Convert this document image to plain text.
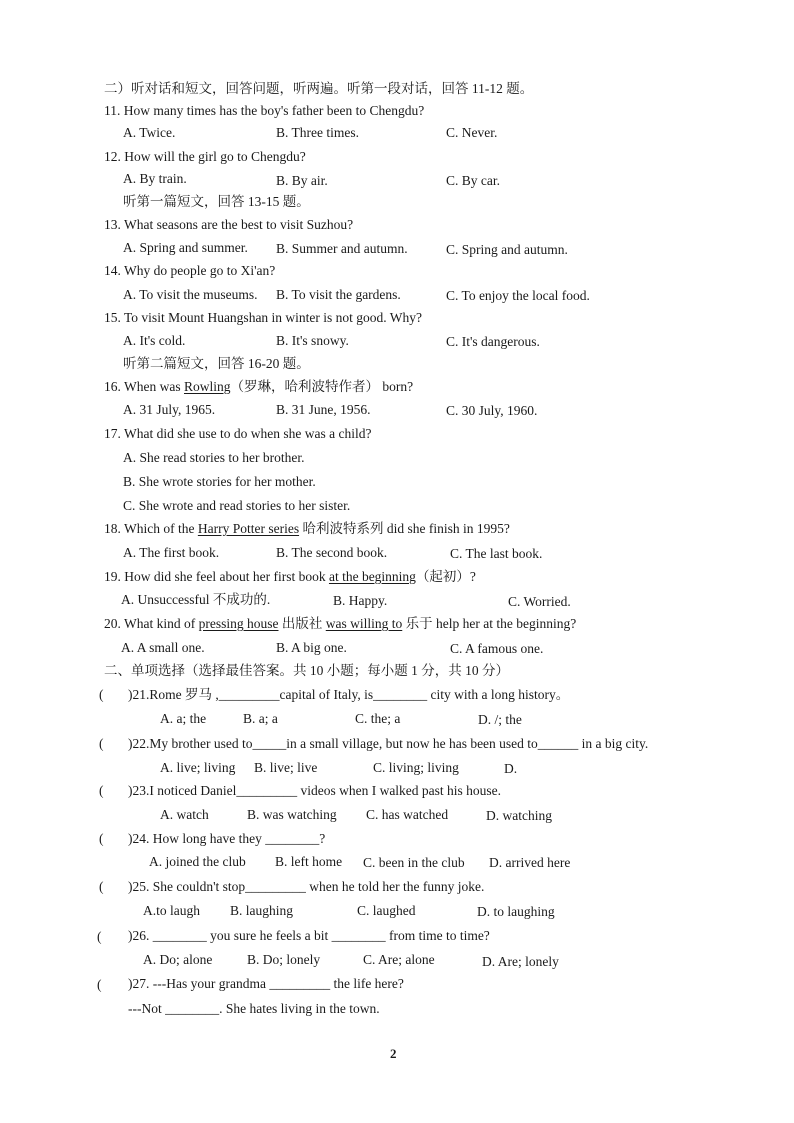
二）听对话和短文，回答问题，听两遍。听第一段对话，回答 11-12 题。
11. How many times has the boy's father been to Chengdu?
A. Twice.	B. Three times.	C. Never.
12. How will the girl go to Chengdu?
A. By train.	B. By air.	C. By car.
听第一篇短文，回答 13-15 题。
13. What seasons are the best to visit Suzhou?
A. Spring and summer. B. Summer and autumn.	C. Spring and autumn.
14. Why do people go to Xi'an?
A. To visit the museums. B. To visit the gardens.	C. To enjoy the local food.
15. To visit Mount Huangshan in winter is not good. Why?
A. It's cold.	B. It's snowy.	C. It's dangerous.
听第二篇短文，回答 16-20 题。
16. When was Rowling（罗琳，哈利波特作者） born?
A. 31 July, 1965.	B. 31 June, 1956.	C. 30 July, 1960.
17. What did she use to do when she was a child?
A. She read stories to her brother.
B. She wrote stories for her mother.
C. She wrote and read stories to her sister.
18. Which of the Harry Potter series 哈利波特系列 did she finish in 1995?
A. The first book.	B. The second book.	C. The last book.
19. How did she feel about her first book at the beginning（起初）?
A. Unsuccessful 不成功的.	B. Happy.	C. Worried.
20. What kind of pressing house 出版社 was willing to 乐于 help her at the beginning?
A. A small one.	B. A big one.	C. A famous one.
二、单项选择（选择最佳答案。共 10 小题；每小题 1 分，共 10 分）
( )21.Rome 罗马 ,_________capital of Italy, is________ city with a long history。
A. a; the	B. a; a	C. the; a	D. /; the
( )22.My brother used to_____in a small village, but now he has been used to______ in a big city.
A. live; living B. live; live	C. living; living	D.
( )23.I noticed Daniel_________ videos when I walked past his house.
A. watch	B. was watching C. has watched	D. watching
( )24. How long have they ________?
A. joined the club B. left home C. been in the club D. arrived here
( )25. She couldn't stop_________ when he told her the funny joke.
A.to laugh B. laughing	C. laughed	D. to laughing
( )26. ________ you sure he feels a bit ________ from time to time?
A. Do; alone	B. Do; lonely	C. Are; alone	D. Are; lonely
( )27. ---Has your grandma _________ the life here?
---Not ________. She hates living in the town.
2
